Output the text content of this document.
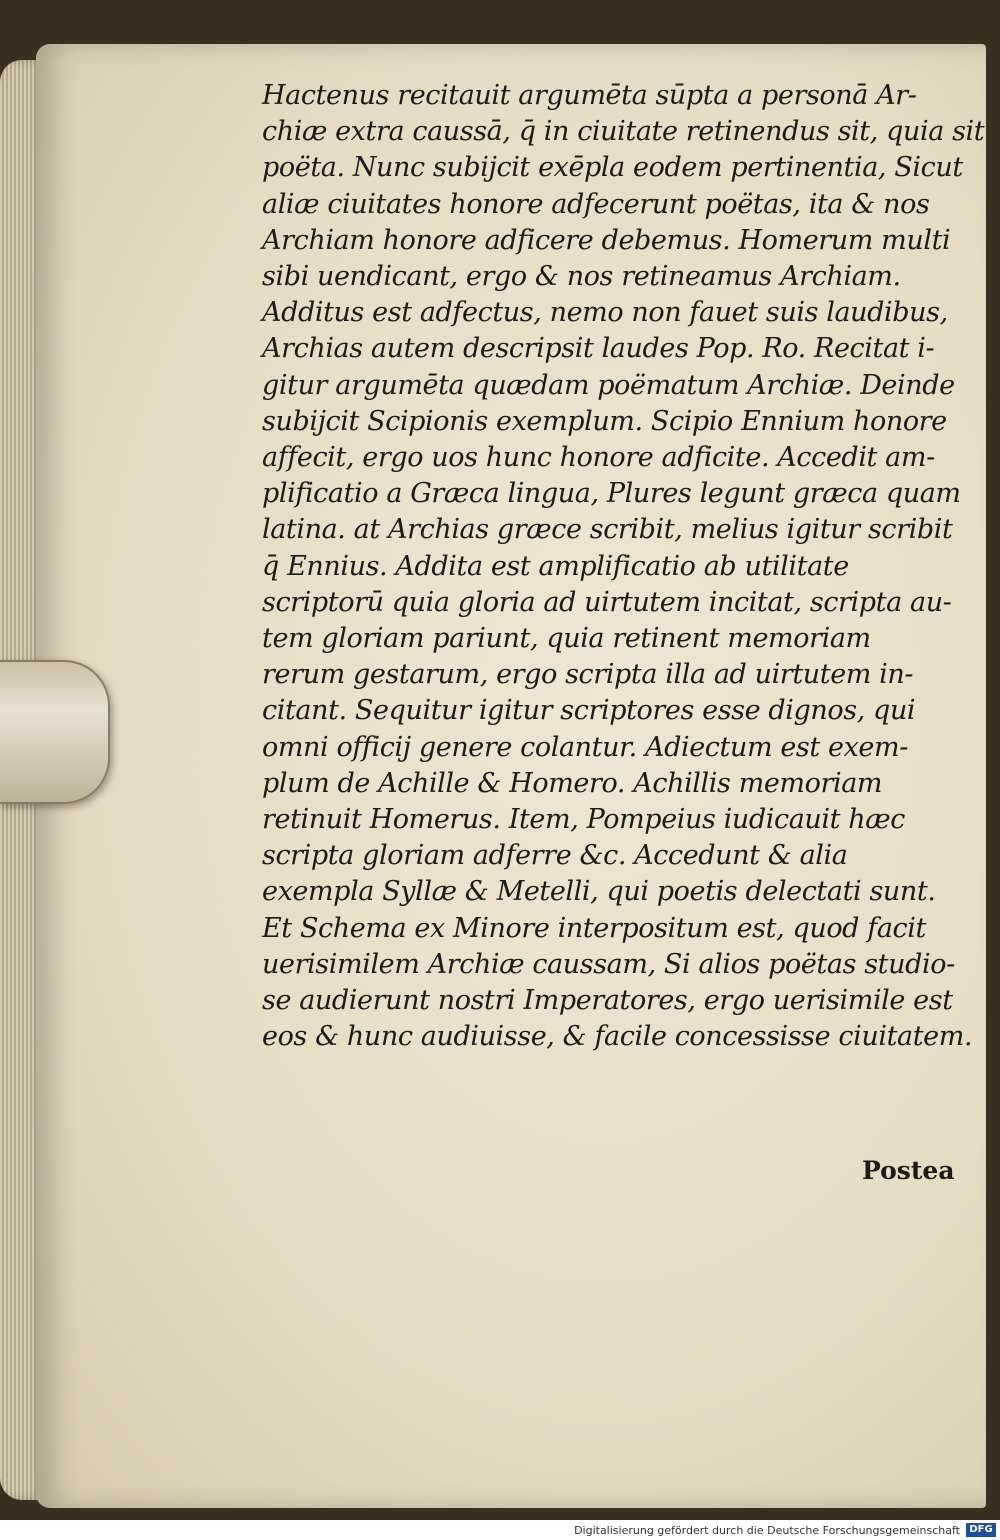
Hactenus recitauit argumēta sūpta a personā Ar-
chiæ extra caussā, q̄ in ciuitate retinendus sit, quia sit
poëta. Nunc subijcit exēpla eodem pertinentia, Sicut
aliæ ciuitates honore adfecerunt poëtas, ita & nos
Archiam honore adficere debemus. Homerum multi
sibi uendicant, ergo & nos retineamus Archiam.
Additus est adfectus, nemo non fauet suis laudibus,
Archias autem descripsit laudes Pop. Ro. Recitat i-
gitur argumēta quædam poëmatum Archiæ. Deinde
subijcit Scipionis exemplum. Scipio Ennium honore
affecit, ergo uos hunc honore adficite. Accedit am-
plificatio a Græca lingua, Plures legunt græca quam
latina. at Archias græce scribit, melius igitur scribit
q̄ Ennius. Addita est amplificatio ab utilitate
scriptorū quia gloria ad uirtutem incitat, scripta au-
tem gloriam pariunt, quia retinent memoriam
rerum gestarum, ergo scripta illa ad uirtutem in-
citant. Sequitur igitur scriptores esse dignos, qui
omni officij genere colantur. Adiectum est exem-
plum de Achille & Homero. Achillis memoriam
retinuit Homerus. Item, Pompeius iudicauit hæc
scripta gloriam adferre &c. Accedunt & alia
exempla Syllæ & Metelli, qui poetis delectati sunt.
Et Schema ex Minore interpositum est, quod facit
uerisimilem Archiæ caussam, Si alios poëtas studio-
se audierunt nostri Imperatores, ergo uerisimile est
eos & hunc audiuisse, & facile concessisse ciuitatem.
Postea
Digitalisierung gefördert durch die Deutsche Forschungsgemeinschaft DFG
